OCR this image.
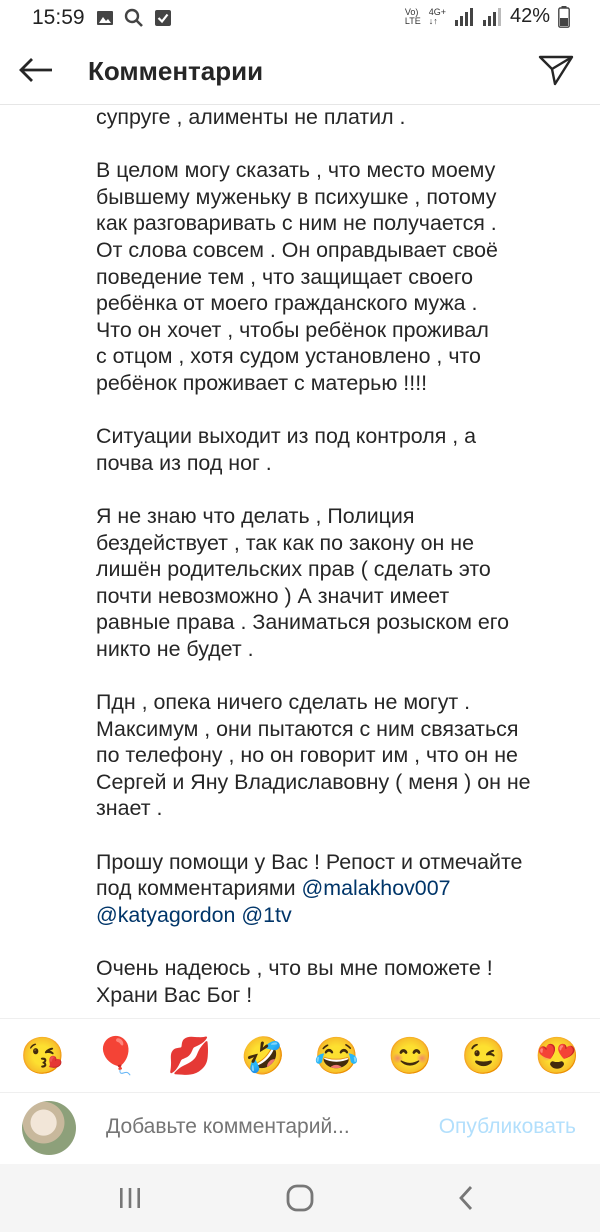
15:59	Vo)
LTE
4G+
↓↑	42%
Комментарии

супруге , алименты не платил .

В целом могу сказать , что место моему
бывшему муженьку в психушке , потому
как разговаривать с ним не получается .
От слова совсем . Он оправдывает своё
поведение тем , что защищает своего
ребёнка от моего гражданского мужа .
Что он хочет , чтобы ребёнок проживал
с отцом , хотя судом установлено , что
ребёнок проживает с матерью !!!!

Ситуации выходит из под контроля , а
почва из под ног .

Я не знаю что делать , Полиция
бездействует , так как по закону он не
лишён родительских прав ( сделать это
почти невозможно ) А значит имеет
равные права . Заниматься розыском его
никто не будет .

Пдн , опека ничего сделать не могут .
Максимум , они пытаются с ним связаться
по телефону , но он говорит им , что он не
Сергей и Яну Владиславовну ( меня ) он не
знает .

Прошу помощи у Вас ! Репост и отмечайте
под комментариями @malakhov007
@katyagordon @1tv

Очень надеюсь , что вы мне поможете !
Храни Вас Бог !

😘 🎈 💋 🤣 😂 😊 😉 😍
Добавьте комментарий...
Опубликовать
